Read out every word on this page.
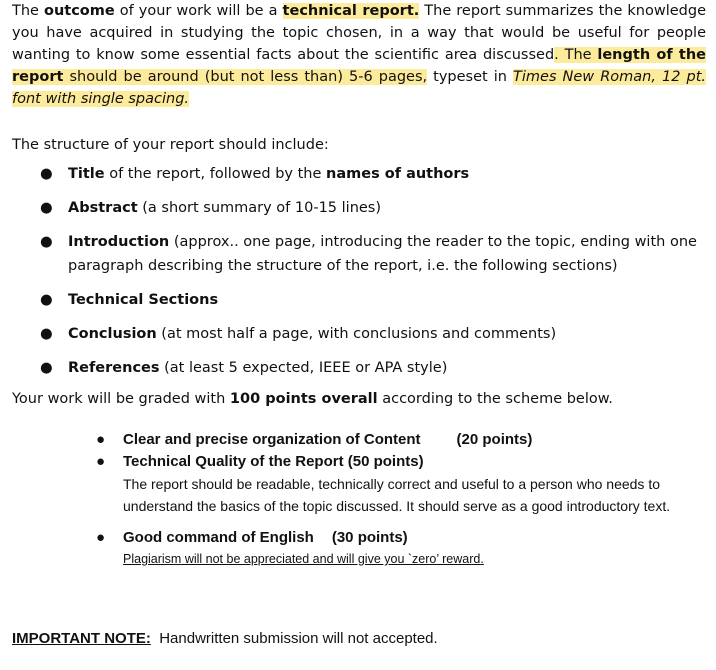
The outcome of your work will be a technical report. The report summarizes the knowledge you have acquired in studying the topic chosen, in a way that would be useful for people wanting to know some essential facts about the scientific area discussed. The length of the report should be around (but not less than) 5-6 pages, typeset in Times New Roman, 12 pt. font with single spacing.

The structure of your report should include:

● Title of the report, followed by the names of authors
● Abstract (a short summary of 10-15 lines)
● Introduction (approx.. one page, introducing the reader to the topic, ending with one paragraph describing the structure of the report, i.e. the following sections)
● Technical Sections
● Conclusion (at most half a page, with conclusions and comments)
● References (at least 5 expected, IEEE or APA style)

Your work will be graded with 100 points overall according to the scheme below.

● Clear and precise organization of Content (20 points)
● Technical Quality of the Report (50 points)
The report should be readable, technically correct and useful to a person who needs to understand the basics of the topic discussed. It should serve as a good introductory text.
● Good command of English (30 points)
Plagiarism will not be appreciated and will give you `zero’ reward.
IMPORTANT NOTE: Handwritten submission will not accepted.
